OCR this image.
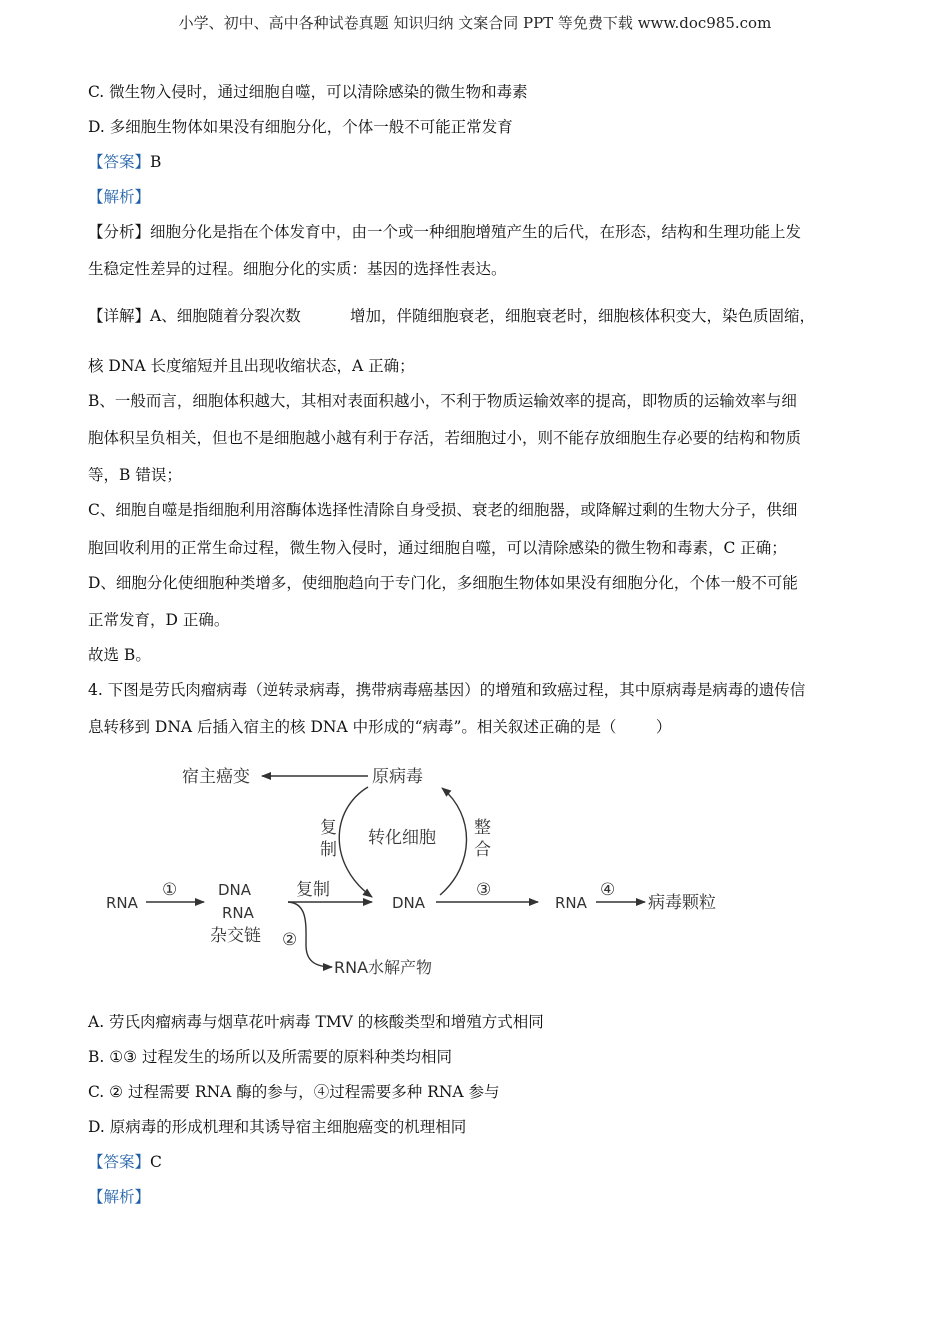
小学、初中、高中各种试卷真题 知识归纳 文案合同 PPT 等免费下载 www.doc985.com
C. 微生物入侵时，通过细胞自噬，可以清除感染的微生物和毒素
D. 多细胞生物体如果没有细胞分化，个体一般不可能正常发育
【答案】B
【解析】
【分析】细胞分化是指在个体发育中，由一个或一种细胞增殖产生的后代，在形态，结构和生理功能上发
生稳定性差异的过程。细胞分化的实质：基因的选择性表达。
【详解】A、细胞随着分裂次数          增加，伴随细胞衰老，细胞衰老时，细胞核体积变大，染色质固缩，
核 DNA 长度缩短并且出现收缩状态，A 正确；
B、一般而言，细胞体积越大，其相对表面积越小，不利于物质运输效率的提高，即物质的运输效率与细
胞体积呈负相关，但也不是细胞越小越有利于存活，若细胞过小，则不能存放细胞生存必要的结构和物质
等，B 错误；
C、细胞自噬是指细胞利用溶酶体选择性清除自身受损、衰老的细胞器，或降解过剩的生物大分子，供细
胞回收利用的正常生命过程，微生物入侵时，通过细胞自噬，可以清除感染的微生物和毒素，C 正确；
D、细胞分化使细胞种类增多，使细胞趋向于专门化，多细胞生物体如果没有细胞分化，个体一般不可能
正常发育，D 正确。
故选 B。
4. 下图是劳氏肉瘤病毒（逆转录病毒，携带病毒癌基因）的增殖和致癌过程，其中原病毒是病毒的遗传信
息转移到 DNA 后插入宿主的核 DNA 中形成的“病毒”。相关叙述正确的是（        ）
宿主癌变	原病毒
复
制
转化细胞 整
合
RNA
①	DNA
RNA
杂交链
复制
②
RNA水解产物
DNA
③
RNA
④
病毒颗粒
A. 劳氏肉瘤病毒与烟草花叶病毒 TMV 的核酸类型和增殖方式相同
B. ①③ 过程发生的场所以及所需要的原料种类均相同
C. ② 过程需要 RNA 酶的参与，④过程需要多种 RNA 参与
D. 原病毒的形成机理和其诱导宿主细胞癌变的机理相同
【答案】C
【解析】
